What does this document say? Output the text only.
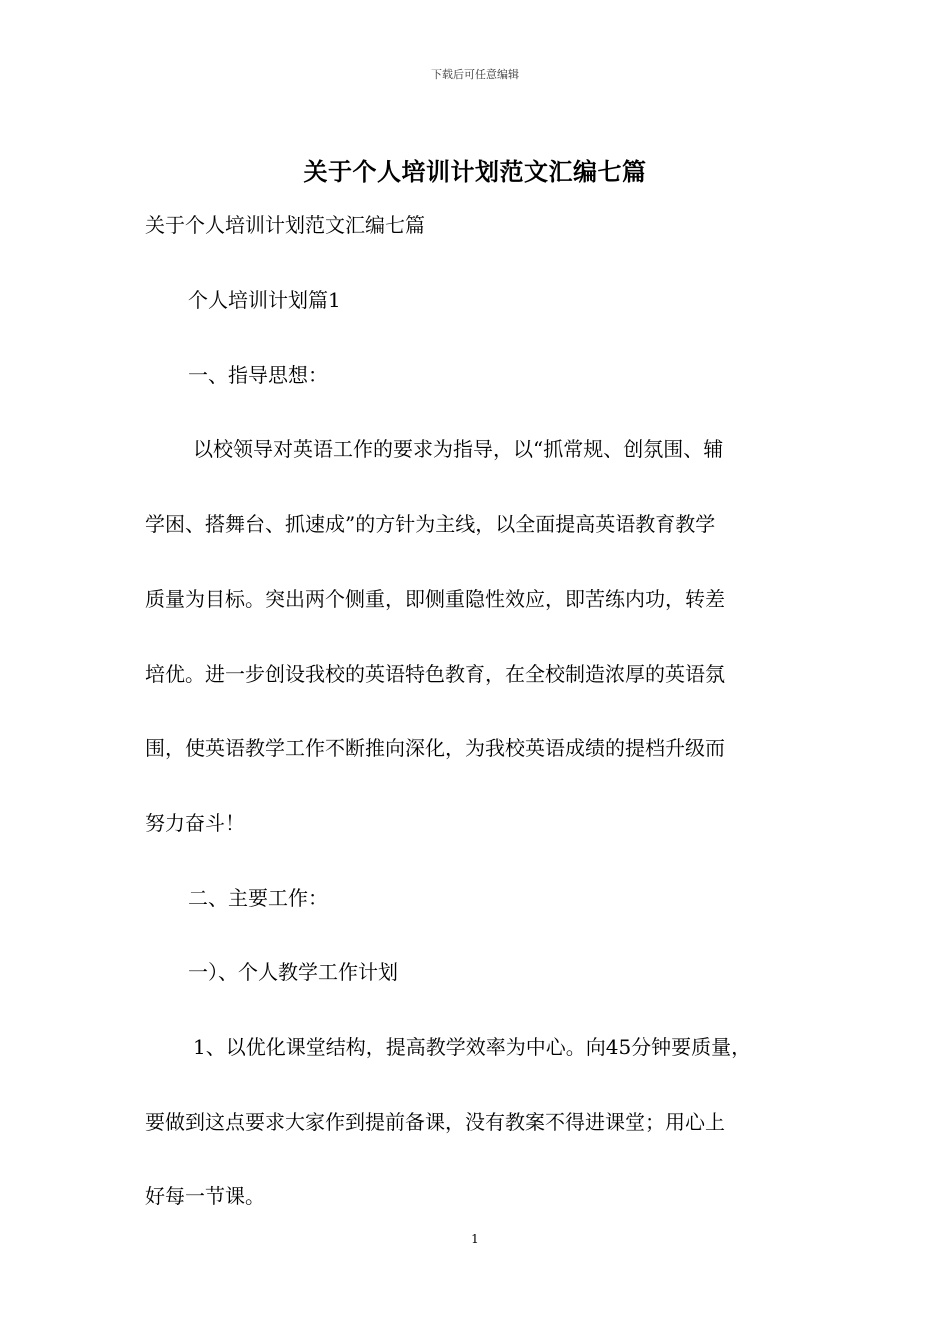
下载后可任意编辑
关于个人培训计划范文汇编七篇
关于个人培训计划范文汇编七篇
个人培训计划篇1
一、指导思想：
以校领导对英语工作的要求为指导，以“抓常规、创氛围、辅
学困、搭舞台、抓速成”的方针为主线，以全面提高英语教育教学
质量为目标。突出两个侧重，即侧重隐性效应，即苦练内功，转差
培优。进一步创设我校的英语特色教育，在全校制造浓厚的英语氛
围，使英语教学工作不断推向深化，为我校英语成绩的提档升级而
努力奋斗！
二、主要工作：
一）、个人教学工作计划
1、以优化课堂结构，提高教学效率为中心。向45分钟要质量，
要做到这点要求大家作到提前备课，没有教案不得进课堂；用心上
好每一节课。
1
